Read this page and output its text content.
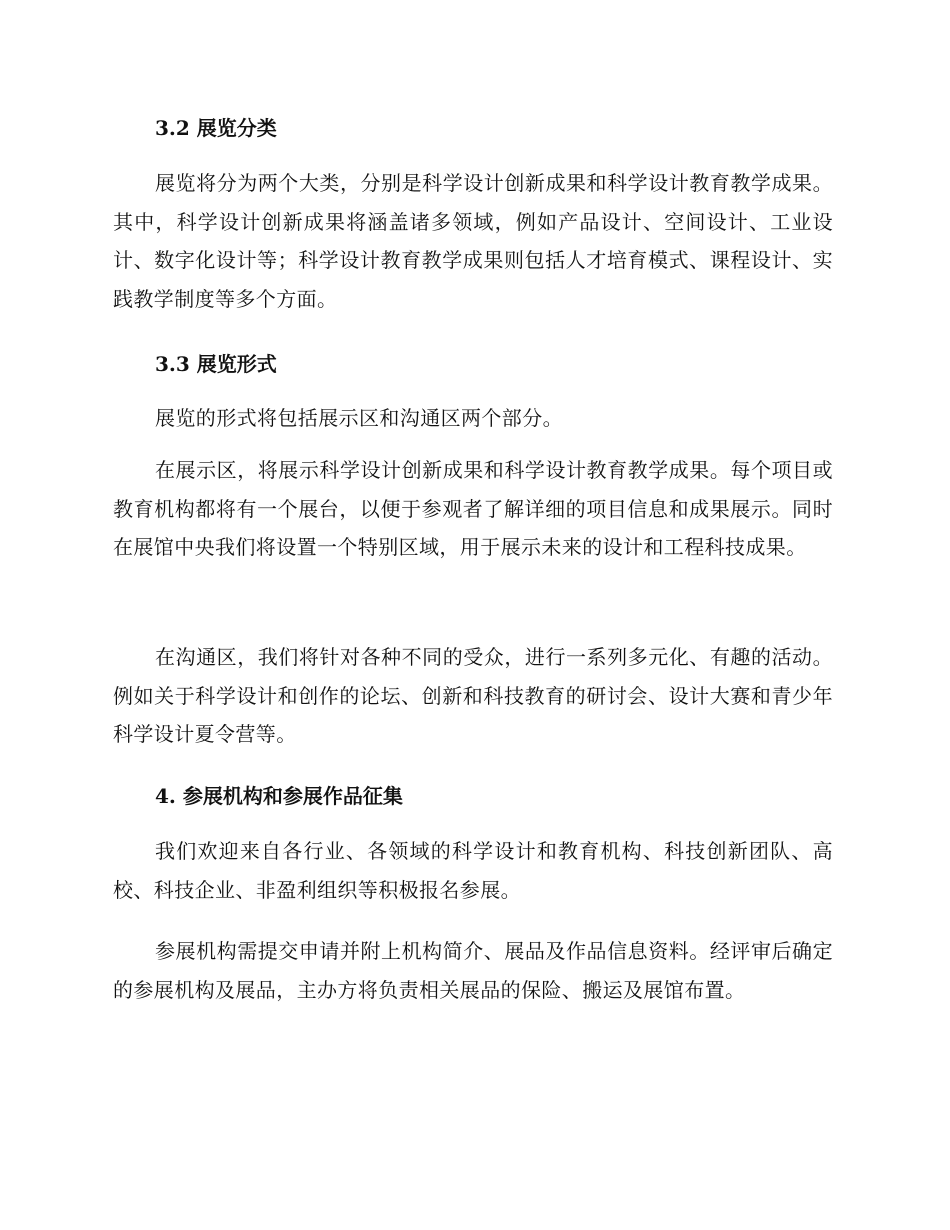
3.2 展览分类

展览将分为两个大类，分别是科学设计创新成果和科学设计教育教学成果。其中，科学设计创新成果将涵盖诸多领域，例如产品设计、空间设计、工业设计、数字化设计等；科学设计教育教学成果则包括人才培育模式、课程设计、实践教学制度等多个方面。

3.3 展览形式

展览的形式将包括展示区和沟通区两个部分。

在展示区，将展示科学设计创新成果和科学设计教育教学成果。每个项目或教育机构都将有一个展台，以便于参观者了解详细的项目信息和成果展示。同时在展馆中央我们将设置一个特别区域，用于展示未来的设计和工程科技成果。

在沟通区，我们将针对各种不同的受众，进行一系列多元化、有趣的活动。例如关于科学设计和创作的论坛、创新和科技教育的研讨会、设计大赛和青少年科学设计夏令营等。

4. 参展机构和参展作品征集

我们欢迎来自各行业、各领域的科学设计和教育机构、科技创新团队、高校、科技企业、非盈利组织等积极报名参展。

参展机构需提交申请并附上机构简介、展品及作品信息资料。经评审后确定的参展机构及展品，主办方将负责相关展品的保险、搬运及展馆布置。
